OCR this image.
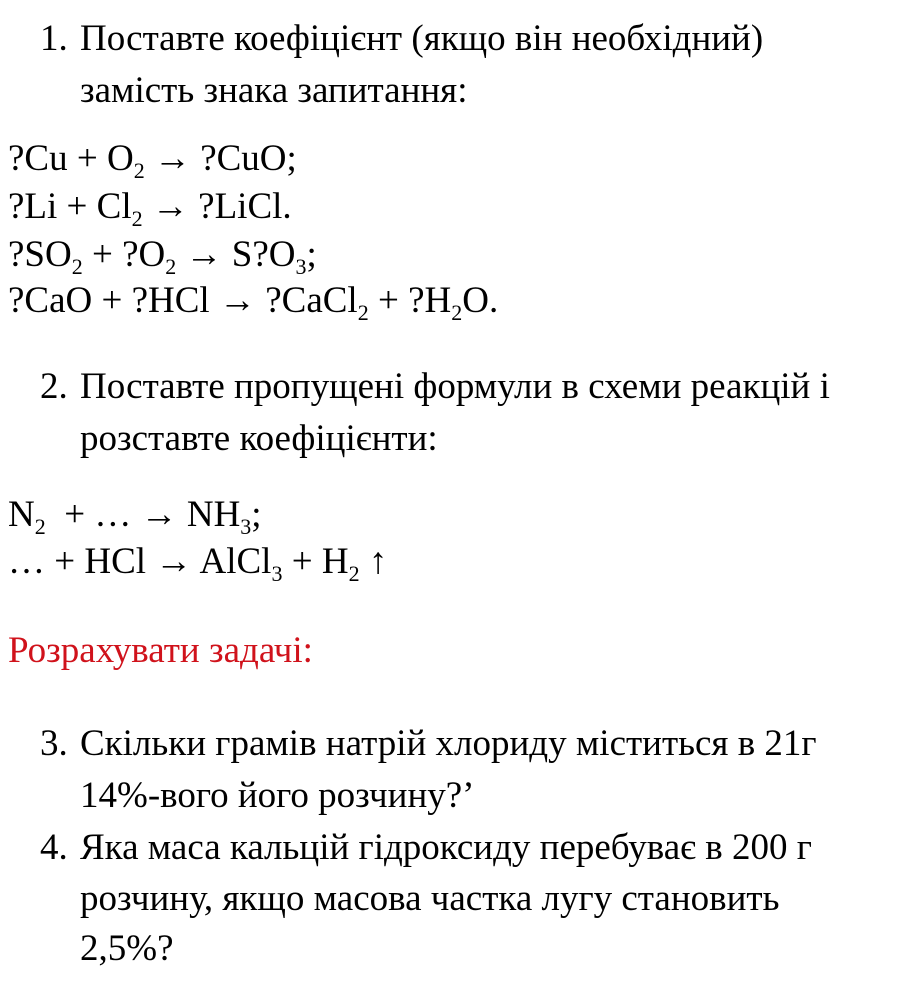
1. Поставте коефіцієнт (якщо він необхідний)
замість знака запитання:
?Cu + $O_2$ → ?CuO;
?Li + $Cl_2$ → ?LiCl.
$?SO_2$ + $?O_2$ → $S?O_3$;
?CaO + ?HCl → ?CaCl$_2$ + $?H_2O$.
2. Поставте пропущені формули в схеми реакцій і
розставте коефіцієнти:
$N_2$  + … → $NH_3$;
… + HCl → AlCl$_3$ + $H_2$ ↑
Розрахувати задачі:
3. Скільки грамів натрій хлориду міститься в 21г
14%-вого його розчину?’
4. Яка маса кальцій гідроксиду перебуває в 200 г
розчину, якщо масова частка лугу становить
2,5%?
